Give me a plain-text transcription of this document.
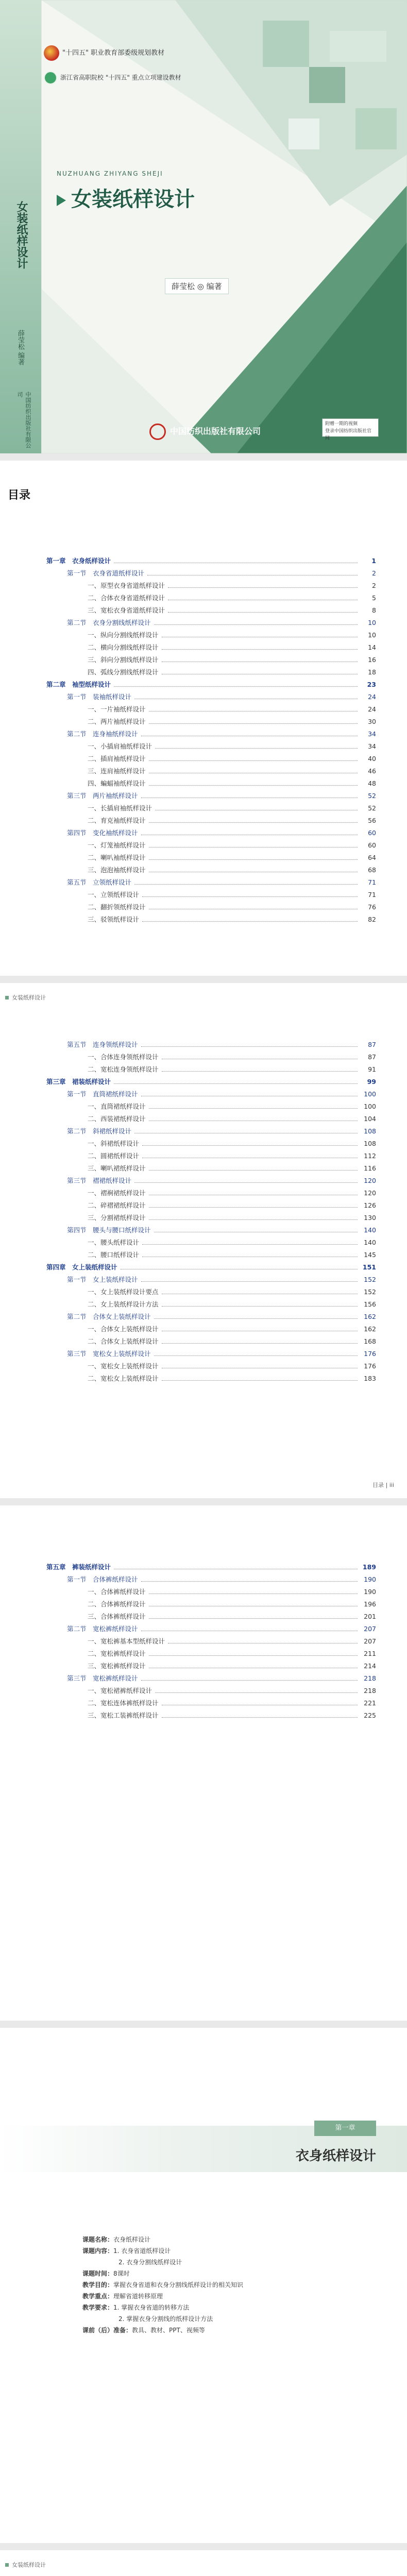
女装纸样设计
薛莹松 编著
中国纺织出版社有限公司
"十四五" 职业教育部委级规划教材
浙江省高职院校 "十四五" 重点立项建设教材
NUZHUANG ZHIYANG SHEJI
女装纸样设计
薛莹松 ◎ 编著
中国纺织出版社有限公司
附赠一期的视频
登录中国纺织出版社官网
目录
第一章　衣身纸样设计	1
第一节　衣身省道纸样设计	2
一、原型衣身省道纸样设计	2
二、合体衣身省道纸样设计	5
三、宽松衣身省道纸样设计	8
第二节　衣身分割线纸样设计	10
一、纵向分割线纸样设计	10
二、横向分割线纸样设计	14
三、斜向分割线纸样设计	16
四、弧线分割线纸样设计	18
第二章　袖型纸样设计	23
第一节　装袖纸样设计	24
一、一片袖纸样设计	24
二、两片袖纸样设计	30
第二节　连身袖纸样设计	34
一、小插肩袖纸样设计	34
二、插肩袖纸样设计	40
三、连肩袖纸样设计	46
四、蝙蝠袖纸样设计	48
第三节　两片袖纸样设计	52
一、长插肩袖纸样设计	52
二、育克袖纸样设计	56
第四节　变化袖纸样设计	60
一、灯笼袖纸样设计	60
二、喇叭袖纸样设计	64
三、泡泡袖纸样设计	68
第五节　立领纸样设计	71
一、立领纸样设计	71
二、翻折领纸样设计	76
三、驳领纸样设计	82
女装纸样设计
第五节　连身领纸样设计	87
一、合体连身领纸样设计	87
二、宽松连身领纸样设计	91
第三章　裙装纸样设计	99
第一节　直筒裙纸样设计	100
一、直筒裙纸样设计	100
二、西装裙纸样设计	104
第二节　斜裙纸样设计	108
一、斜裙纸样设计	108
二、圆裙纸样设计	112
三、喇叭裙纸样设计	116
第三节　褶裙纸样设计	120
一、褶裥裙纸样设计	120
二、碎褶裙纸样设计	126
三、分割裙纸样设计	130
第四节　腰头与腰口纸样设计	140
一、腰头纸样设计	140
二、腰口纸样设计	145
第四章　女上装纸样设计	151
第一节　女上装纸样设计	152
一、女上装纸样设计要点	152
二、女上装纸样设计方法	156
第二节　合体女上装纸样设计	162
一、合体女上装纸样设计	162
二、合体女上装纸样设计	168
第三节　宽松女上装纸样设计	176
一、宽松女上装纸样设计	176
二、宽松女上装纸样设计	183
目录 | iii
第五章　裤装纸样设计	189
第一节　合体裤纸样设计	190
一、合体裤纸样设计	190
二、合体裤纸样设计	196
三、合体裤纸样设计	201
第二节　宽松裤纸样设计	207
一、宽松裤基本型纸样设计	207
二、宽松裤纸样设计	211
三、宽松裤纸样设计	214
第三节　宽松裤纸样设计	218
一、宽松裙裤纸样设计	218
二、宽松连体裤纸样设计	221
三、宽松工装裤纸样设计	225
第一章
衣身纸样设计
课题名称：衣身纸样设计
课题内容：1. 衣身省道纸样设计
2. 衣身分割线纸样设计
课题时间：8课时
教学目的：掌握衣身省道和衣身分割线纸样设计的相关知识
教学重点：理解省道转移原理
教学要求：1. 掌握衣身省道的转移方法
2. 掌握衣身分割线的纸样设计方法
课前（后）准备：教具、教材、PPT、视频等
女装纸样设计
